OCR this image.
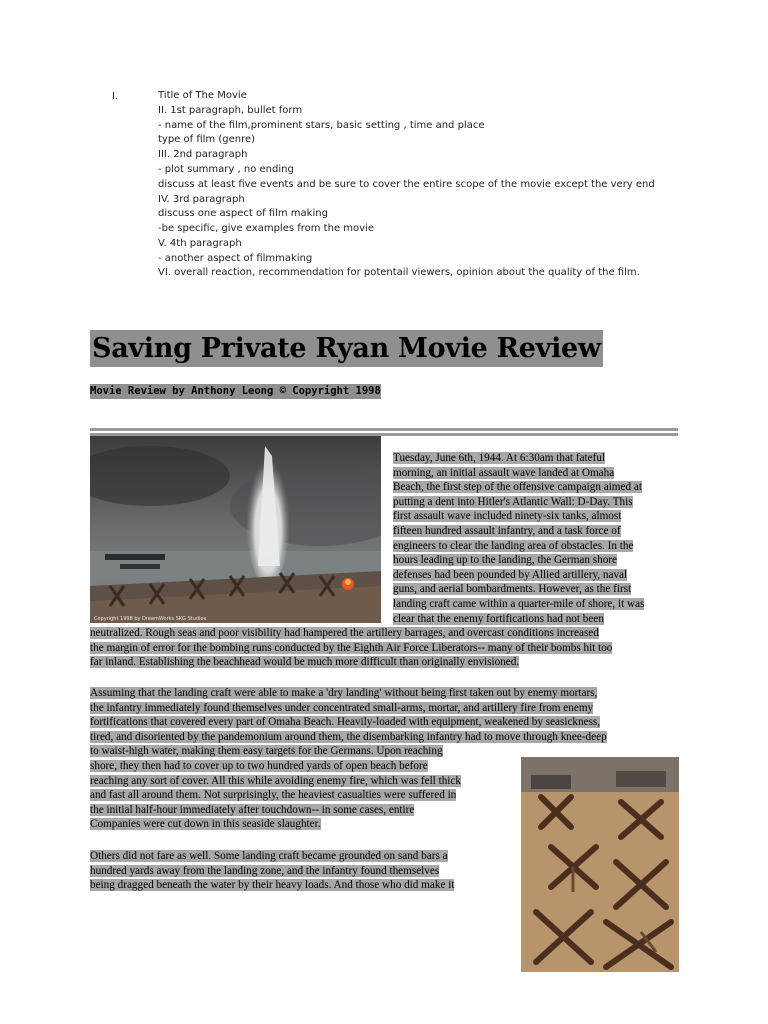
I.	Title of The Movie
II. 1st paragraph, bullet form
- name of the film,prominent stars, basic setting , time and place
type of film (genre)
III. 2nd paragraph
- plot summary , no ending
discuss at least five events and be sure to cover the entire scope of the movie except the very end
IV. 3rd paragraph
discuss one aspect of film making
-be specific, give examples from the movie
V. 4th paragraph
- another aspect of filmmaking
VI. overall reaction, recommendation for potentail viewers, opinion about the quality of the film.
Saving Private Ryan Movie Review
Movie Review by Anthony Leong © Copyright 1998
Copyright 1998 by DreamWorks SKG Studios
Tuesday, June 6th, 1944. At 6:30am that fateful
morning, an initial assault wave landed at Omaha
Beach, the first step of the offensive campaign aimed at
putting a dent into Hitler's Atlantic Wall: D-Day. This
first assault wave included ninety-six tanks, almost
fifteen hundred assault infantry, and a task force of
engineers to clear the landing area of obstacles. In the
hours leading up to the landing, the German shore
defenses had been pounded by Allied artillery, naval
guns, and aerial bombardments. However, as the first
landing craft came within a quarter-mile of shore, it was
clear that the enemy fortifications had not been
neutralized. Rough seas and poor visibility had hampered the artillery barrages, and overcast conditions increased
the margin of error for the bombing runs conducted by the Eighth Air Force Liberators-- many of their bombs hit too
far inland. Establishing the beachhead would be much more difficult than originally envisioned.
Assuming that the landing craft were able to make a 'dry landing' without being first taken out by enemy mortars,
the infantry immediately found themselves under concentrated small-arms, mortar, and artillery fire from enemy
fortifications that covered every part of Omaha Beach. Heavily-loaded with equipment, weakened by seasickness,
tired, and disoriented by the pandemonium around them, the disembarking infantry had to move through knee-deep
to waist-high water, making them easy targets for the Germans. Upon reaching
shore, they then had to cover up to two hundred yards of open beach before
reaching any sort of cover. All this while avoiding enemy fire, which was fell thick
and fast all around them. Not surprisingly, the heaviest casualties were suffered in
the initial half-hour immediately after touchdown-- in some cases, entire
Companies were cut down in this seaside slaughter.
Others did not fare as well. Some landing craft became grounded on sand bars a
hundred yards away from the landing zone, and the infantry found themselves
being dragged beneath the water by their heavy loads. And those who did make it
